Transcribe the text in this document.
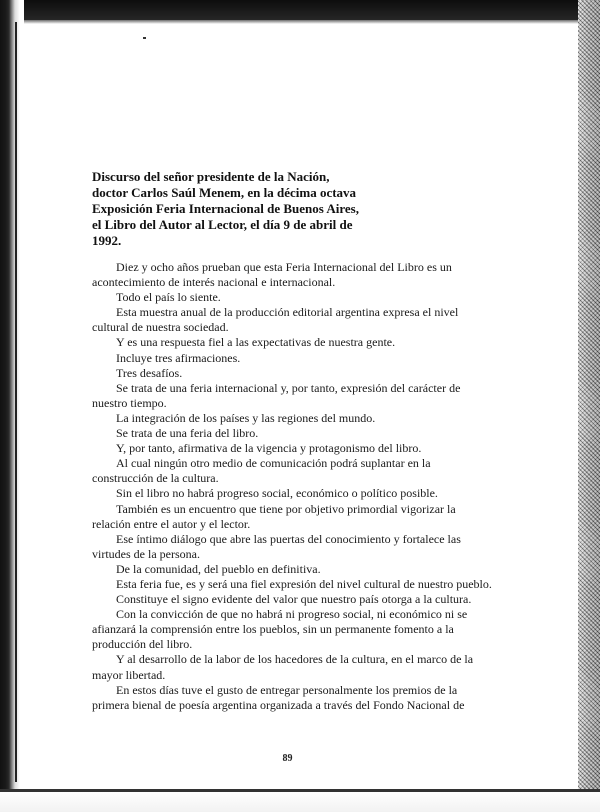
Discurso del señor presidente de la Nación,
doctor Carlos Saúl Menem, en la décima octava
Exposición Feria Internacional de Buenos Aires,
el Libro del Autor al Lector, el día 9 de abril de
1992.

Diez y ocho años prueban que esta Feria Internacional del Libro es un acontecimiento de interés nacional e internacional.

Todo el país lo siente.

Esta muestra anual de la producción editorial argentina expresa el nivel cultural de nuestra sociedad.

Y es una respuesta fiel a las expectativas de nuestra gente.

Incluye tres afirmaciones.

Tres desafíos.

Se trata de una feria internacional y, por tanto, expresión del carácter de nuestro tiempo.

La integración de los países y las regiones del mundo.

Se trata de una feria del libro.

Y, por tanto, afirmativa de la vigencia y protagonismo del libro.

Al cual ningún otro medio de comunicación podrá suplantar en la construcción de la cultura.

Sin el libro no habrá progreso social, económico o político posible.

También es un encuentro que tiene por objetivo primordial vigorizar la relación entre el autor y el lector.

Ese íntimo diálogo que abre las puertas del conocimiento y fortalece las virtudes de la persona.

De la comunidad, del pueblo en definitiva.

Esta feria fue, es y será una fiel expresión del nivel cultural de nuestro pueblo.

Constituye el signo evidente del valor que nuestro país otorga a la cultura.

Con la convicción de que no habrá ni progreso social, ni económico ni se afianzará la comprensión entre los pueblos, sin un permanente fomento a la producción del libro.

Y al desarrollo de la labor de los hacedores de la cultura, en el marco de la mayor libertad.

En estos días tuve el gusto de entregar personalmente los premios de la primera bienal de poesía argentina organizada a través del Fondo Nacional de

89
